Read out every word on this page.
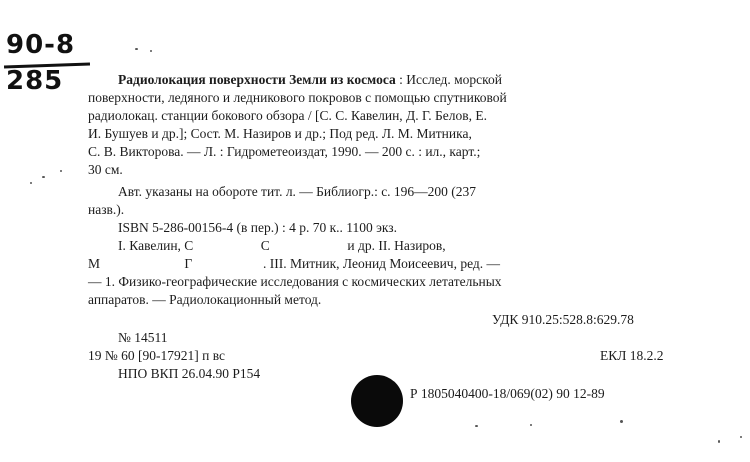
90-8
285	Радиолокация поверхности Земли из космоса : Исслед. морской
поверхности, ледяного и ледникового покровов с помощью спутниковой
радиолокац. станции бокового обзора / [С. С. Кавелин, Д. Г. Белов, Е.
И. Бушуев и др.]; Сост. М. Назиров и др.; Под ред. Л. М. Митника,
С. В. Викторова. — Л. : Гидрометеоиздат, 1990. — 200 с. : ил., карт.;
30 см.
Авт. указаны на обороте тит. л. — Библиогр.: с. 196—200 (237
назв.).
ISBN 5-286-00156-4 (в пер.) : 4 р. 70 к.. 1100 экз.
I. Кавелин, С                    С                       и др. II. Назиров,
М                         Г                     . III. Митник, Леонид Моисеевич, ред. —
— 1. Физико-географические исследования с космических летательных
аппаратов. — Радиолокационный метод.
УДК 910.25:528.8:629.78
№ 14511
19 № 60 [90-17921] п вс	ЕКЛ 18.2.2
НПО ВКП 26.04.90 Р154
Р 1805040400-18/069(02) 90 12-89
